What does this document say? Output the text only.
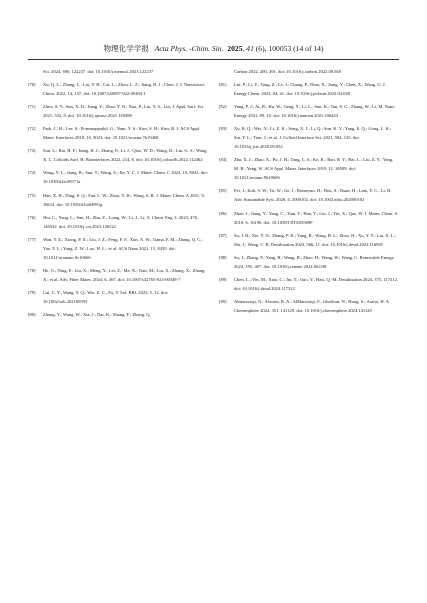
物理化学学报 Acta Phys. -Chim. Sin. 2025, 41 (6), 100053 (14 of 14)
Sci. 2024, 690, 122237. doi: 10.1016/j.memsci.2023.122237
[70]	Xu, Q. L.; Zhang, L.; Liu, Y. H.; Cai, L.; Zhou, L. Z.; Jiang, H. J.; Chen, J. J. Nanostruct. Chem. 2022, 14, 137. doi: 10.1007/s40097-022-00494-1
[71]	Zhou, S. Y.; Sun, X. D.; Jiang, Y.; Zhao, Y. N.; Xue, P.; Liu, Y. S.; Lin, J. Appl. Surf. Sci. 2021, 532, 9. doi: 10.1016/j.apsusc.2021.149498
[72]	Park, C. H.; Lee, S.; Pornmoppadol, G.; Nam, Y. S.; Kim, S. H.; Kim, B. J. ACS Appl. Mater. Interfaces 2018, 10, 9023. doi: 10.1021/acsami.7b19468
[73]	Sun, L.; Bai, H. F.; Jiang, H. J.; Zhang, P.; Li, J.; Qiao, W. D.; Wang, D.; Lin, G. S.; Wang, X. L. Colloids Surf. B: Biointerfaces 2022, 214, 8. doi: 10.1016/j.colsurfb.2022.112462
[74]	Wang, Y. L.; Jiang, B.; Sun, T.; Wang, S.; Jin, Y. C. J. Mater. Chem. C 2022, 10, 8043. doi: 10.1039/d2tc00571a
[75]	Han, X. H.; Ding, S. Q.; Fan, L. W.; Zhou, Y. H.; Wang, S. R. J. Mater. Chem. A 2021, 9, 18614. doi: 10.1039/d1ta04991g
[76]	Niu, C.; Yang, L.; Sun, H.; Zhu, Z.; Liang, W.; Li, J.; Li, A. Chem. Eng. J. 2023, 476, 146522. doi: 10.1016/j.cej.2023.146522
[77]	Wan, Y. Z.; Xiong, P. X.; Liu, J. Z.; Feng, F. F.; Xun, X. W.; Gama, F. M.; Zhang, Q. C.; Yao, F. L.; Yang, Z. W.; Luo, H. L.; et al. ACS Nano 2021, 15, 8439. doi: 10.1021/acsnano.0c10666
[78]	He, G.; Ning, F.; Liu, X.; Meng, Y.; Lei, Z.; Ma, X.; Tian, M.; Liu, X.; Zhang, X.; Zhang, X.; et al. Adv. Fiber Mater. 2024, 6, 367. doi: 10.1007/s42765-023-00348-7
[79]	Cai, C. Y.; Wang, Y. Q.; Wei, Z. C.; Fu, Y. Sol. RRL 2023, 5, 12. doi: 10.1002/solr.202100593
[80]	Zhang, Y.; Wang, W.; Xia, J.; Dai, K.; Zhang, F.; Zhang, Q.
Carbon 2022, 200, 491. doi: 10.1016/j.carbon.2022.08.040
[81]	Lin, P.; Li, Y.; Tang, Z.; Lv, J.; Chang, P.; Dian, X.; Jiang, Y.; Chen, X.; Wang, G. J. Energy Chem. 2023, 84, 41. doi: 10.1016/j.jechem.2023.04.048
[82]	Yang, P. J.; Ai, B.; Hu, W.; Geng, Y.; Li, L.; Sun, K.; Tan, S. C.; Zhang, W.; Li, M. Nano Energy 2021, 89, 10. doi: 10.1016/j.nanoen.2021.106443
[83]	Xu, R. Q.; Wei, N.; Li, Z. K.; Song, X. J.; Li, Q.; Sun, K. Y.; Yang, E. Q.; Gong, L. K.; Sui, Y. L.; Tian, J.; et al. J. Colloid Interface Sci. 2021, 584, 125. doi: 10.1016/j.jcis.2020.09.052
[84]	Zha, X. J.; Zhao, X.; Pu, J. H.; Tang, L. S.; Ke, K.; Bao, R. Y.; Bai, L.; Liu, Z. Y.; Yang, M. B.; Yang, W. ACS Appl. Mater. Interfaces 2019, 11, 36589. doi: 10.1021/acsami.9b10606
[85]	Fei, J.; Koh, S. W.; Tu, W.; Ge, J.; Rezaeyan, H.; Hou, S.; Duan, H.; Lam, Y. C.; Li, H. Adv. Sustainable Syst. 2020, 4, 2000102. doi: 10.1002/adsu.202000102
[86]	Zhao, J.; Jiang, Y.; Yang, C.; Tian, Y.; Han, Y.; Liu, J.; Yin, X.; Que, W. J. Mater. Chem. A 2018, 6, 16196. doi: 10.1039/C8TA05569F
[87]	Su, J. B.; Xie, Y. N.; Zhang, P. K.; Yang, R.; Wang, B. L.; Zhao, H.; Xu, Y. Y.; Liu, X. L.; Shi, J.; Wang, C. B. Desalination 2023, 566, 11. doi: 10.1016/j.desal.2023.116905
[88]	Su, J.; Zhang, P.; Yang, R.; Wang, B.; Zhao, H.; Wang, W.; Wang, C. Renewable Energy 2022, 195, 407. doi: 10.1016/j.renene.2022.06.038
[89]	Chen, L.; Yin, M.; Xiao, C.; Jin, Y.; Guo, Y.; Hasi, Q.-M. Desalination 2024, 575, 117312. doi: 10.1016/j.desal.2024.117312
[90]	Almarzooqi, N.; Alwaen, R. A.; AlMarzooqi, F.; Ghaffour, N.; Hong, S.; Arafat, H. A. Chemosphere 2024, 351, 141129. doi: 10.1016/j.chemosphere.2024.141129
